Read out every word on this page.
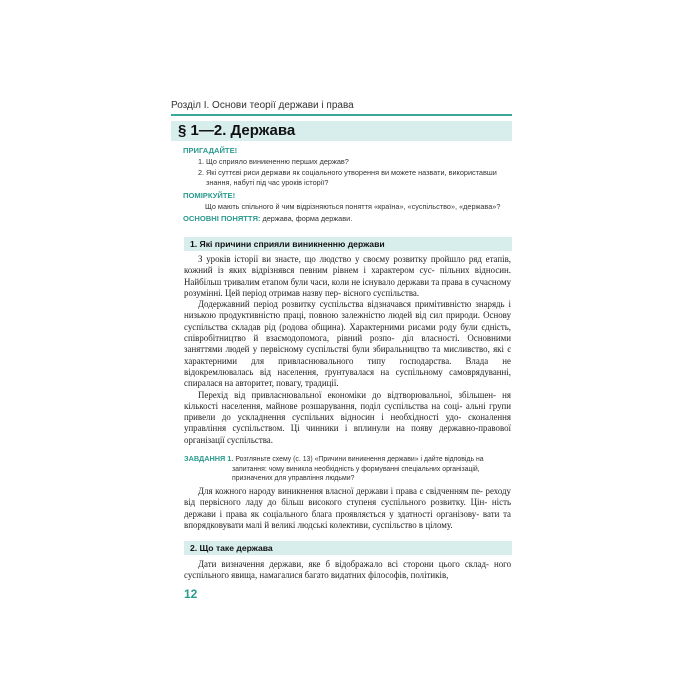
Розділ І. Основи теорії держави і права
§ 1—2. Держава
ПРИГАДАЙТЕ!
1. Що сприяло виникненню перших держав?
2. Які суттєві риси держави як соціального утворення ви можете назвати, використавши
знання, набуті під час уроків історії?
ПОМІРКУЙТЕ!
Що мають спільного й чим відрізняються поняття «країна», «суспільство», «держава»?
ОСНОВНІ ПОНЯТТЯ: держава, форма держави.
1. Які причини сприяли виникненню держави

З уроків історії ви знаєте, що людство у своєму розвитку пройшло ряд етапів, кожний із яких відрізнявся певним рівнем і характером сус- пільних відносин. Найбільш тривалим етапом були часи, коли не існувало держави та права в сучасному розумінні. Цей період отримав назву пер- вісного суспільства.

Додержавний період розвитку суспільства відзначався примітивністю знарядь і низькою продуктивністю праці, повною залежністю людей від сил природи. Основу суспільства складав рід (родова община). Характерними рисами роду були єдність, співробітництво й взаємодопомога, рівний розпо- діл власності. Основними заняттями людей у первісному суспільстві були збиральництво та мисливство, які є характерними для привласнювального типу господарства. Влада не відокремлювалась від населення, ґрунтувалася на суспільному самоврядуванні, спиралася на авторитет, повагу, традиції.

Перехід від привласнювальної економіки до відтворювальної, збільшен- ня кількості населення, майнове розшарування, поділ суспільства на соці- альні групи привели до ускладнення суспільних відносин і необхідності удо- сконалення управління суспільством. Ці чинники і вплинули на появу державно-правової організації суспільства.

ЗАВДАННЯ 1. Розгляньте схему (с. 13) «Причини виникнення держави» і дайте відповідь на
запитання: чому виникла необхідність у формуванні спеціальних організацій,
призначених для управління людьми?

Для кожного народу виникнення власної держави і права є свідченням пе- реходу від первісного ладу до більш високого ступеня суспільного розвитку. Цін- ність держави і права як соціального блага проявляється у здатності організову- вати та впорядковувати малі й великі людські колективи, суспільство в цілому.

2. Що таке держава

Дати визначення держави, яке б відображало всі сторони цього склад- ного суспільного явища, намагалися багато видатних філософів, політиків,

12
